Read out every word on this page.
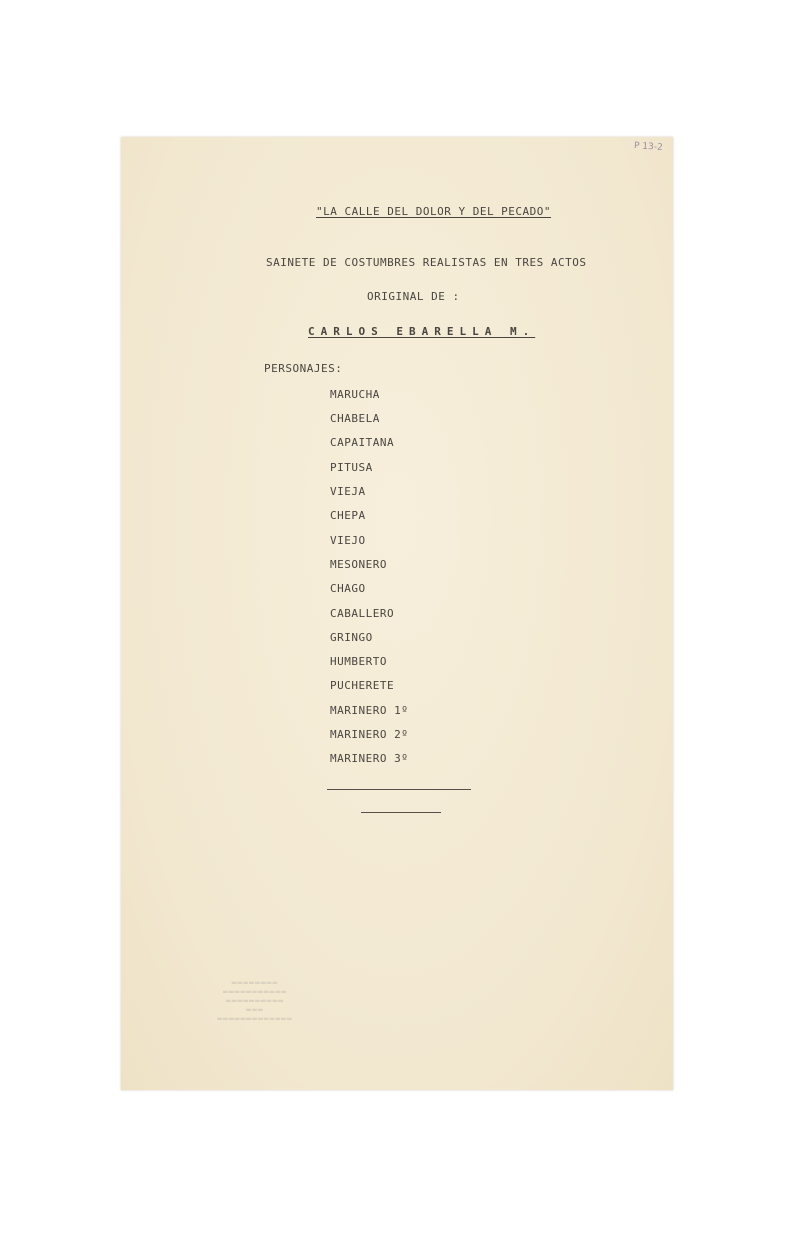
P 13-2
"LA CALLE DEL DOLOR Y DEL PECADO"
SAINETE DE COSTUMBRES REALISTAS EN TRES ACTOS
ORIGINAL DE :
CARLOS EBARELLA M.
PERSONAJES:
MARUCHA
CHABELA
CAPAITANA
PITUSA
VIEJA
CHEPA
VIEJO
MESONERO
CHAGO
CABALLERO
GRINGO
HUMBERTO
PUCHERETE
MARINERO 1º
MARINERO 2º
MARINERO 3º
▬▬▬▬▬▬▬▬
▬▬▬▬▬▬▬▬▬▬▬
▬▬▬▬▬▬▬▬▬▬
▬▬▬
▬▬▬▬▬▬▬▬▬▬▬▬▬
